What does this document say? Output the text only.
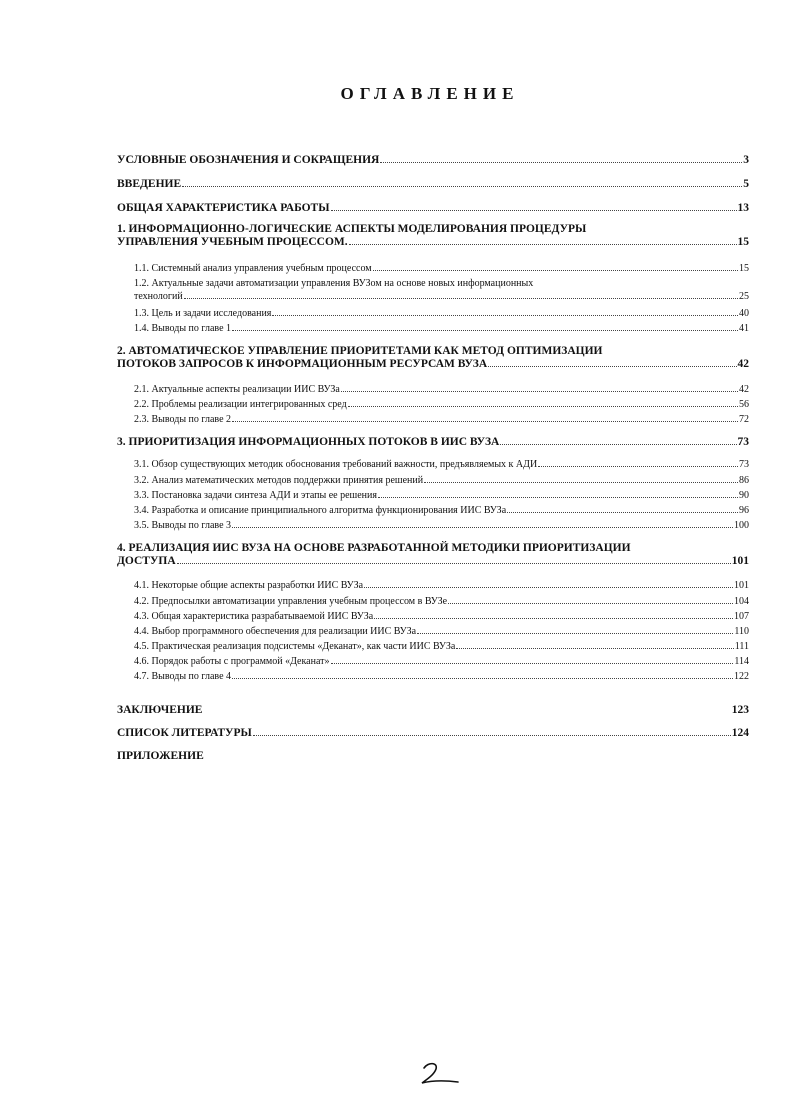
ОГЛАВЛЕНИЕ
УСЛОВНЫЕ ОБОЗНАЧЕНИЯ И СОКРАЩЕНИЯ	3
ВВЕДЕНИЕ	5
ОБЩАЯ ХАРАКТЕРИСТИКА РАБОТЫ	13
1. ИНФОРМАЦИОННО-ЛОГИЧЕСКИЕ АСПЕКТЫ МОДЕЛИРОВАНИЯ ПРОЦЕДУРЫ
УПРАВЛЕНИЯ УЧЕБНЫМ ПРОЦЕССОМ.	15
1.1. Системный анализ управления учебным процессом	15
1.2. Актуальные задачи автоматизации управления ВУЗом на основе новых информационных
технологий	25
1.3. Цель и задачи исследования	40
1.4. Выводы по главе 1	41
2. АВТОМАТИЧЕСКОЕ УПРАВЛЕНИЕ ПРИОРИТЕТАМИ КАК МЕТОД ОПТИМИЗАЦИИ
ПОТОКОВ ЗАПРОСОВ К ИНФОРМАЦИОННЫМ РЕСУРСАМ ВУЗА	42
2.1. Актуальные аспекты реализации ИИС ВУЗа	42
2.2. Проблемы реализации интегрированных сред	56
2.3. Выводы по главе 2	72
3. ПРИОРИТИЗАЦИЯ ИНФОРМАЦИОННЫХ ПОТОКОВ В ИИС ВУЗА	73
3.1. Обзор существующих методик обоснования требований важности, предъявляемых к АДИ	73
3.2. Анализ математических методов поддержки принятия решений	86
3.3. Постановка задачи синтеза АДИ и этапы ее решения	90
3.4. Разработка и описание принципиального алгоритма функционирования ИИС ВУЗа	96
3.5. Выводы по главе 3	100
4. РЕАЛИЗАЦИЯ ИИС ВУЗА НА ОСНОВЕ РАЗРАБОТАННОЙ МЕТОДИКИ ПРИОРИТИЗАЦИИ
ДОСТУПА	101
4.1. Некоторые общие аспекты разработки ИИС ВУЗа	101
4.2. Предпосылки автоматизации управления учебным процессом в ВУЗе	104
4.3. Общая характеристика разрабатываемой ИИС ВУЗа	107
4.4. Выбор программного обеспечения для реализации ИИС ВУЗа	110
4.5. Практическая реализация подсистемы «Деканат», как части ИИС ВУЗа	111
4.6. Порядок работы с программой «Деканат»	114
4.7. Выводы по главе 4	122
ЗАКЛЮЧЕНИЕ	123
СПИСОК ЛИТЕРАТУРЫ	124
ПРИЛОЖЕНИЕ
